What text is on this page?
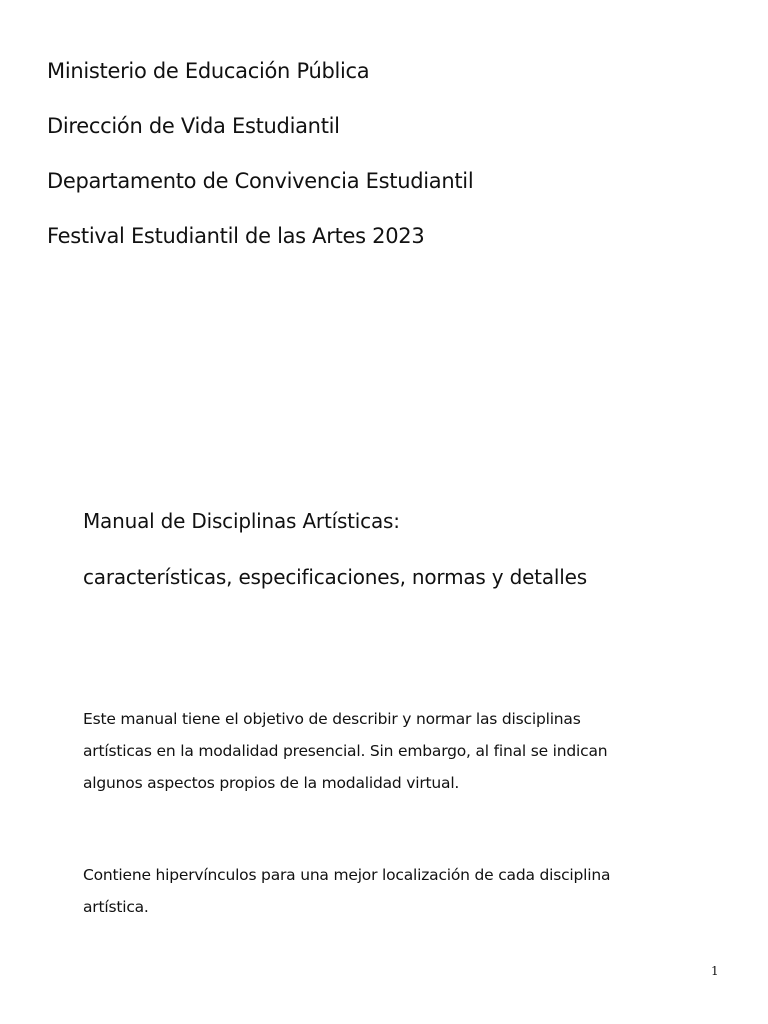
Ministerio de Educación Pública
Dirección de Vida Estudiantil
Departamento de Convivencia Estudiantil
Festival Estudiantil de las Artes 2023
Manual de Disciplinas Artísticas:
características, especificaciones, normas y detalles
Este manual tiene el objetivo de describir y normar las disciplinas
artísticas en la modalidad presencial. Sin embargo, al final se indican
algunos aspectos propios de la modalidad virtual.
Contiene hipervínculos para una mejor localización de cada disciplina
artística.
1
